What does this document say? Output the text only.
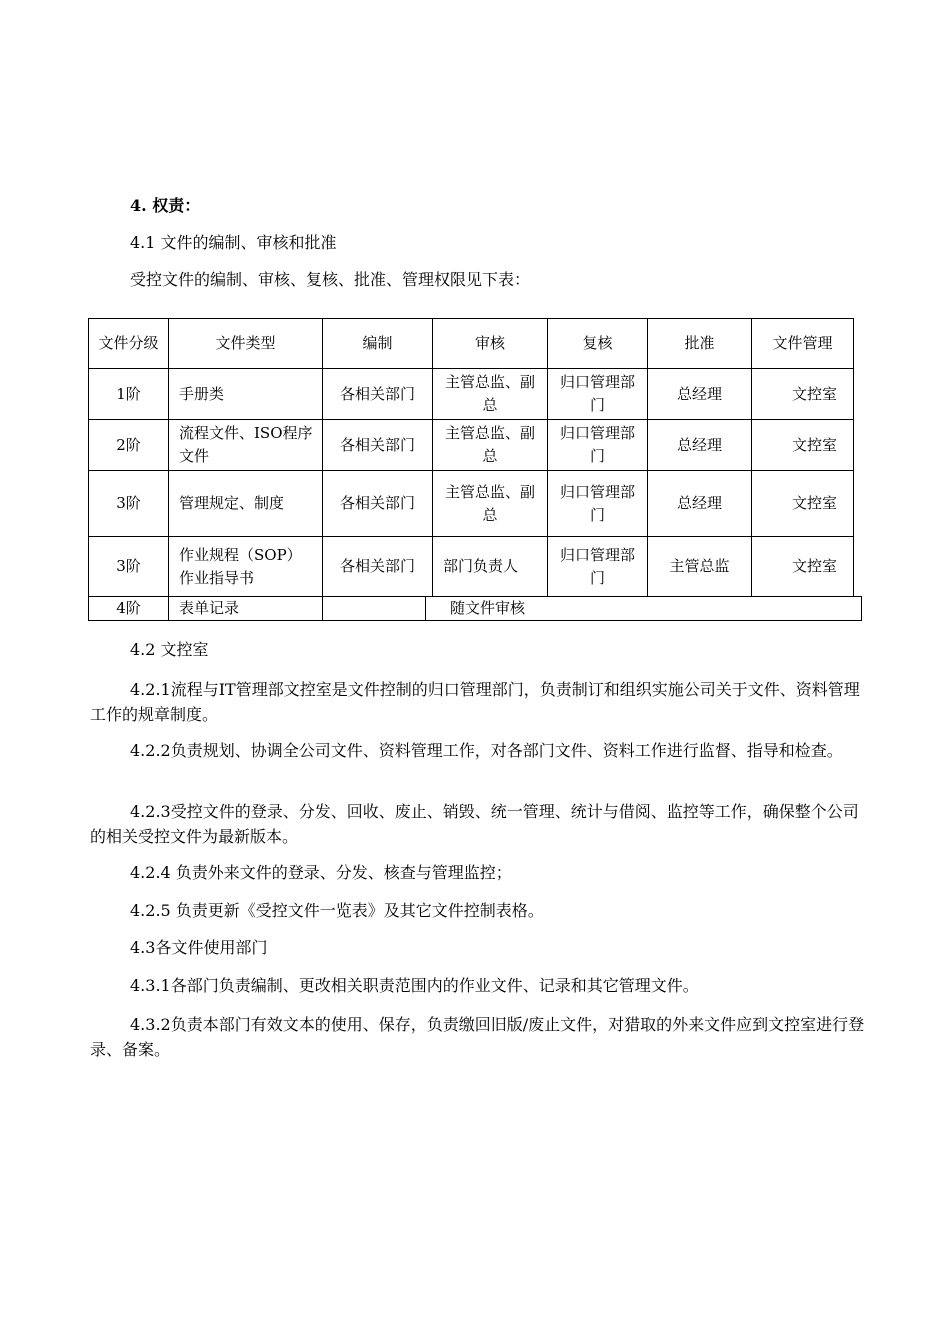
4. 权责：
4.1 文件的编制、审核和批准
受控文件的编制、审核、复核、批准、管理权限见下表：
文件分级	文件类型	编制	审核	复核	批准	文件管理
1阶	手册类	各相关部门	主管总监、副总	归口管理部门	总经理	文控室
2阶	流程文件、ISO程序文件	各相关部门	主管总监、副总	归口管理部门	总经理	文控室
3阶	管理规定、制度	各相关部门	主管总监、副总	归口管理部门	总经理	文控室
3阶	作业规程（SOP）作业指导书	各相关部门	部门负责人	归口管理部门	主管总监	文控室
4阶	表单记录		随文件审核
4.2 文控室
4.2.1流程与IT管理部文控室是文件控制的归口管理部门，负责制订和组织实施公司关于文件、资料管理工作的规章制度。
4.2.2负责规划、协调全公司文件、资料管理工作，对各部门文件、资料工作进行监督、指导和检查。
4.2.3受控文件的登录、分发、回收、废止、销毁、统一管理、统计与借阅、监控等工作，确保整个公司的相关受控文件为最新版本。
4.2.4 负责外来文件的登录、分发、核查与管理监控；
4.2.5 负责更新《受控文件一览表》及其它文件控制表格。
4.3各文件使用部门
4.3.1各部门负责编制、更改相关职责范围内的作业文件、记录和其它管理文件。
4.3.2负责本部门有效文本的使用、保存，负责缴回旧版/废止文件，对猎取的外来文件应到文控室进行登录、备案。
